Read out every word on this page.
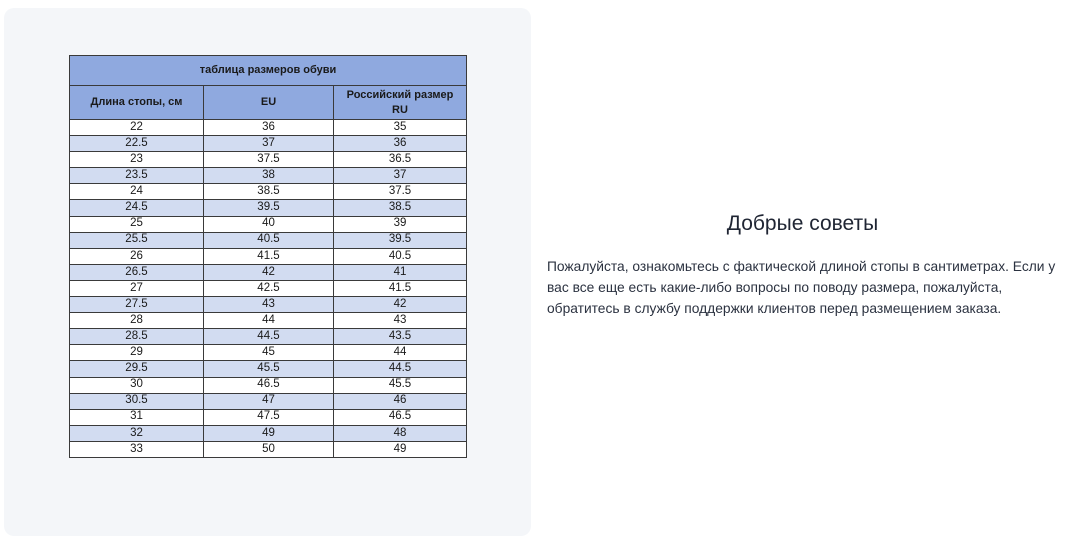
таблица размеров обуви		
Длина стопы, см	EU	Российский размер RU
22	36	35
22.5	37	36
23	37.5	36.5
23.5	38	37
24	38.5	37.5
24.5	39.5	38.5
25	40	39
25.5	40.5	39.5
26	41.5	40.5
26.5	42	41
27	42.5	41.5
27.5	43	42
28	44	43
28.5	44.5	43.5
29	45	44
29.5	45.5	44.5
30	46.5	45.5
30.5	47	46
31	47.5	46.5
32	49	48
33	50	49
Добрые советы

Пожалуйста, ознакомьтесь с фактической длиной стопы в сантиметрах. Если у вас все еще есть какие-либо вопросы по поводу размера, пожалуйста, обратитесь в службу поддержки клиентов перед размещением заказа.
